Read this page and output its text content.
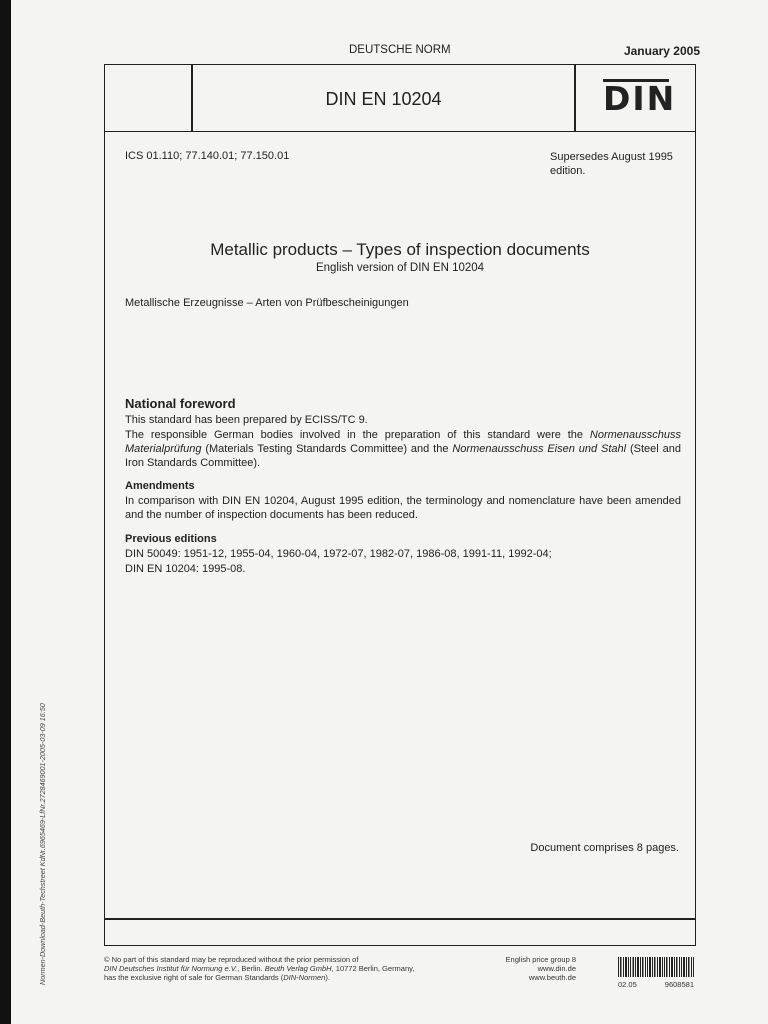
Normen-Download-Beuth-Techstreet KdNr.6965469-LfNr.2728469001-2005-03-09 16:50
DEUTSCHE NORM	January 2005
DIN EN 10204	DIN
ICS 01.110; 77.140.01; 77.150.01	Supersedes August 1995
edition.
Metallic products – Types of inspection documents
English version of DIN EN 10204
Metallische Erzeugnisse – Arten von Prüfbescheinigungen
National foreword

This standard has been prepared by ECISS/TC 9.

The responsible German bodies involved in the preparation of this standard were the Normenausschuss Materialprüfung (Materials Testing Standards Committee) and the Normenausschuss Eisen und Stahl (Steel and Iron Standards Committee).

Amendments

In comparison with DIN EN 10204, August 1995 edition, the terminology and nomenclature have been amended and the number of inspection documents has been reduced.

Previous editions

DIN 50049: 1951-12, 1955-04, 1960-04, 1972-07, 1982-07, 1986-08, 1991-11, 1992-04;

DIN EN 10204: 1995-08.

Document comprises 8 pages.
© No part of this standard may be reproduced without the prior permission of
DIN Deutsches Institut für Normung e.V., Berlin. Beuth Verlag GmbH, 10772 Berlin, Germany,
has the exclusive right of sale for German Standards (DIN-Normen).
English price group 8
www.din.de
www.beuth.de
02.05	9608581
